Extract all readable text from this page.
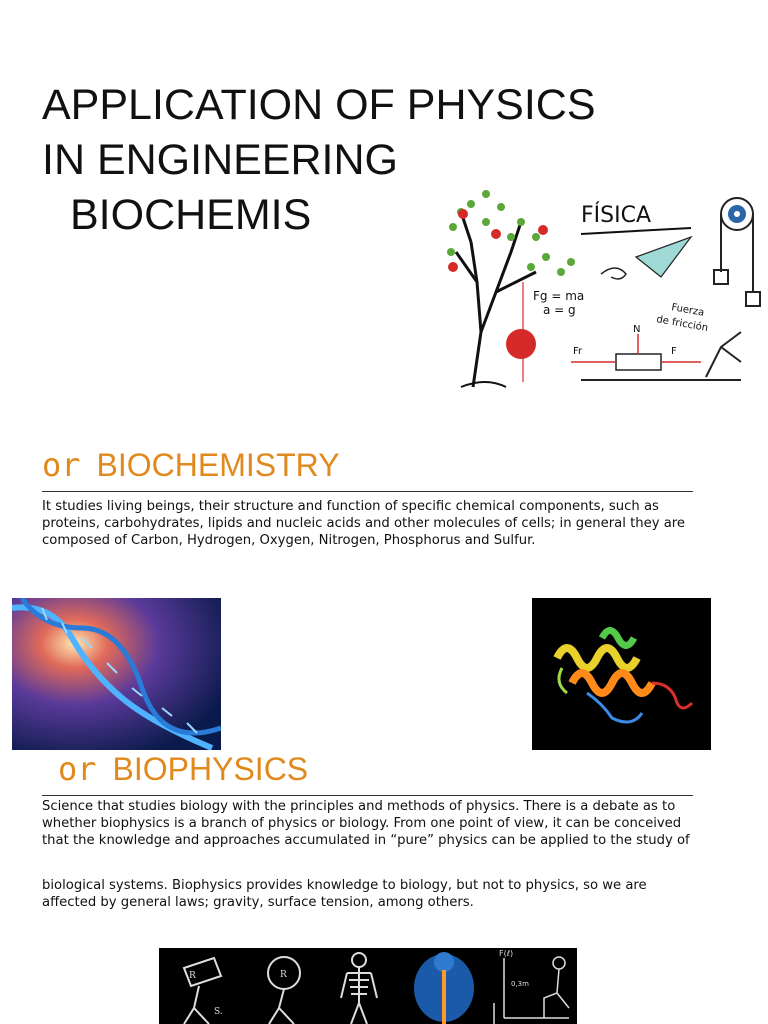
APPLICATION OF PHYSICS
IN ENGINEERING
BIOCHEMIS	FÍSICA
Fg = ma
a = g	Fuerza
de fricción
N
Fr	F
or BIOCHEMISTRY

It studies living beings, their structure and function of specific chemical components, such as proteins, carbohydrates, lipids and nucleic acids and other molecules of cells; in general they are composed of Carbon, Hydrogen, Oxygen, Nitrogen, Phosphorus and Sulfur.

or BIOPHYSICS

Science that studies biology with the principles and methods of physics. There is a debate as to whether biophysics is a branch of physics or biology. From one point of view, it can be conceived that the knowledge and approaches accumulated in “pure” physics can be applied to the study of

biological systems. Biophysics provides knowledge to biology, but not to physics, so we are affected by general laws; gravity, surface tension, among others.

F(ℓ)
0,3m
R	R
S.
